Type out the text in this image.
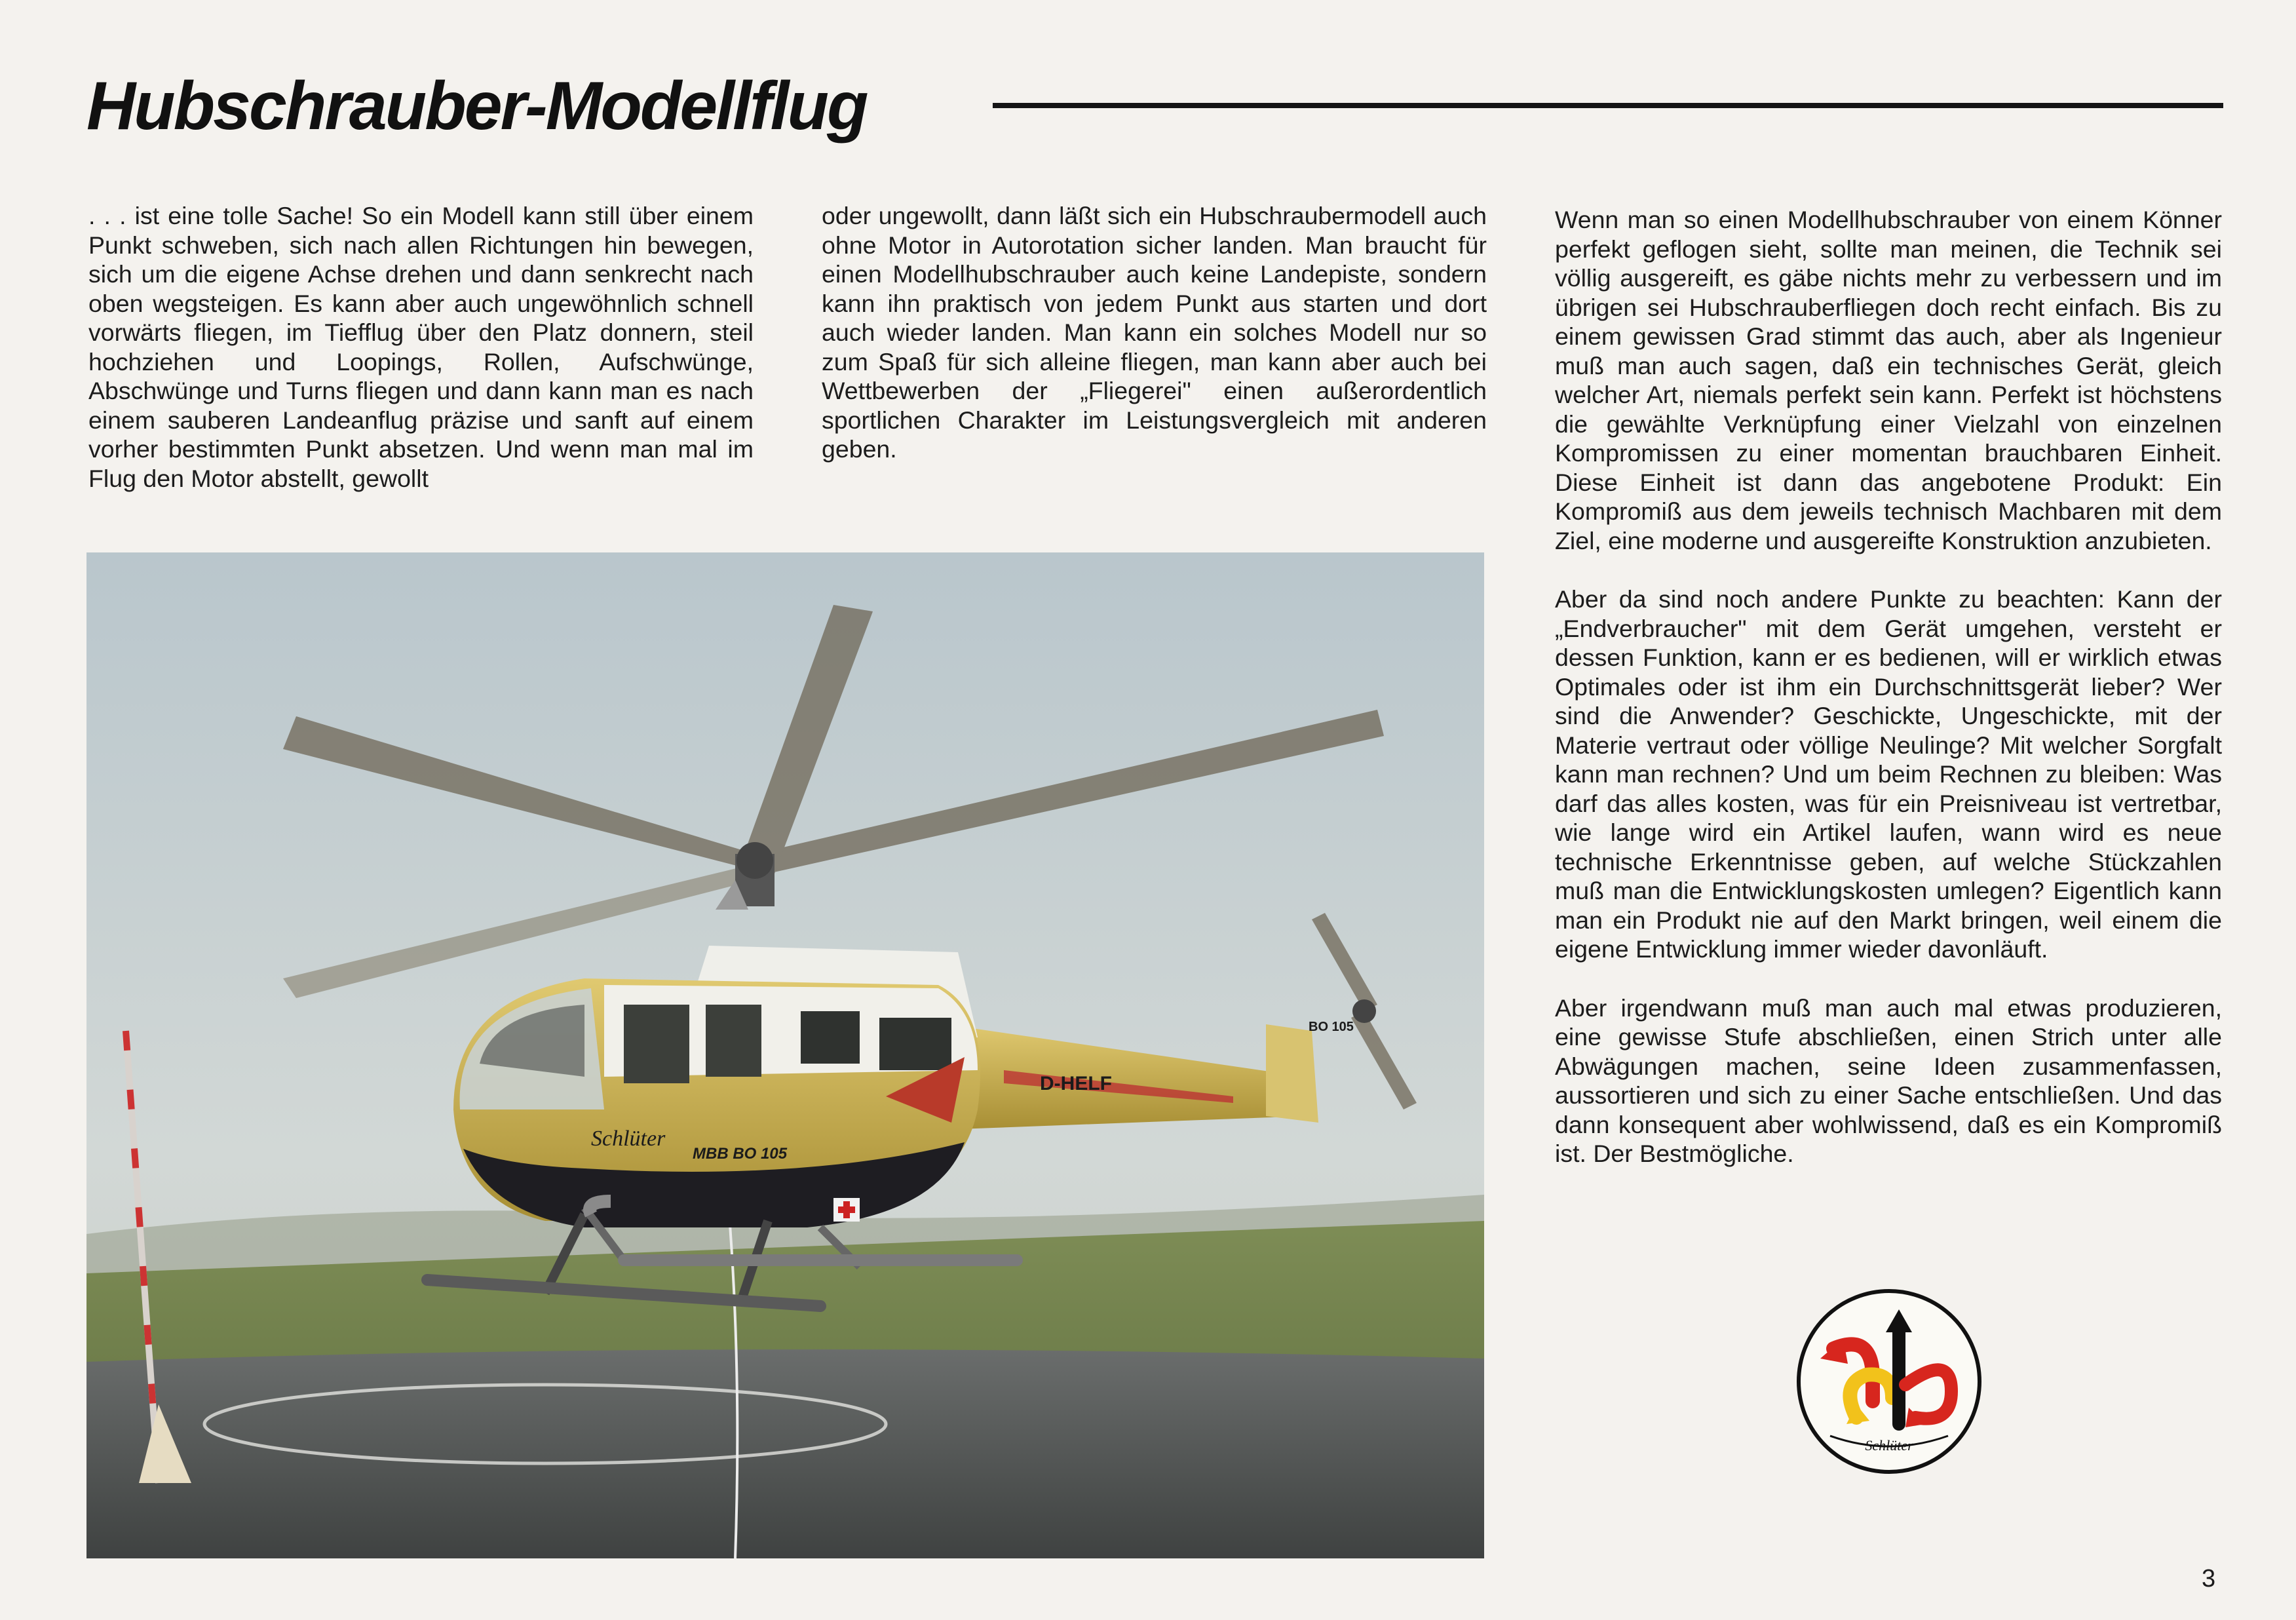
Hubschrauber-Modellflug

. . . ist eine tolle Sache! So ein Modell kann still über einem Punkt schweben, sich nach allen Richtungen hin bewegen, sich um die eigene Achse drehen und dann senkrecht nach oben wegsteigen. Es kann aber auch ungewöhnlich schnell vorwärts fliegen, im Tiefflug über den Platz donnern, steil hochziehen und Loopings, Rollen, Aufschwünge, Abschwünge und Turns fliegen und dann kann man es nach einem sauberen Landeanflug präzise und sanft auf einem vorher bestimmten Punkt absetzen. Und wenn man mal im Flug den Motor abstellt, gewollt

oder ungewollt, dann läßt sich ein Hubschraubermodell auch ohne Motor in Autorotation sicher landen. Man braucht für einen Modellhubschrauber auch keine Landepiste, sondern kann ihn praktisch von jedem Punkt aus starten und dort auch wieder landen. Man kann ein solches Modell nur so zum Spaß für sich alleine fliegen, man kann aber auch bei Wettbewerben der „Fliegerei" einen außerordentlich sportlichen Charakter im Leistungsvergleich mit anderen geben.

Wenn man so einen Modellhubschrauber von einem Könner perfekt geflogen sieht, sollte man meinen, die Technik sei völlig ausgereift, es gäbe nichts mehr zu verbessern und im übrigen sei Hubschrauberfliegen doch recht einfach. Bis zu einem gewissen Grad stimmt das auch, aber als Ingenieur muß man auch sagen, daß ein technisches Gerät, gleich welcher Art, niemals perfekt sein kann. Perfekt ist höchstens die gewählte Verknüpfung einer Vielzahl von einzelnen Kompromissen zu einer momentan brauchbaren Einheit. Diese Einheit ist dann das angebotene Produkt: Ein Kompromiß aus dem jeweils technisch Machbaren mit dem Ziel, eine moderne und ausgereifte Konstruktion anzubieten.

Aber da sind noch andere Punkte zu beachten: Kann der „Endverbraucher" mit dem Gerät umgehen, versteht er dessen Funktion, kann er es bedienen, will er wirklich etwas Optimales oder ist ihm ein Durchschnittsgerät lieber? Wer sind die Anwender? Geschickte, Ungeschickte, mit der Materie vertraut oder völlige Neulinge? Mit welcher Sorgfalt kann man rechnen? Und um beim Rechnen zu bleiben: Was darf das alles kosten, was für ein Preisniveau ist vertretbar, wie lange wird ein Artikel laufen, wann wird es neue technische Erkenntnisse geben, auf welche Stückzahlen muß man die Entwicklungskosten umlegen? Eigentlich kann man ein Produkt nie auf den Markt bringen, weil einem die eigene Entwicklung immer wieder davonläuft.

Aber irgendwann muß man auch mal etwas produzieren, eine gewisse Stufe abschließen, einen Strich unter alle Abwägungen machen, seine Ideen zusammenfassen, aussortieren und sich zu einer Sache entschließen. Und das dann konsequent aber wohlwissend, daß es ein Kompromiß ist. Der Bestmögliche.

BO 105
Schlüter
MBB BO 105
D-HELF
Schlüter
3
